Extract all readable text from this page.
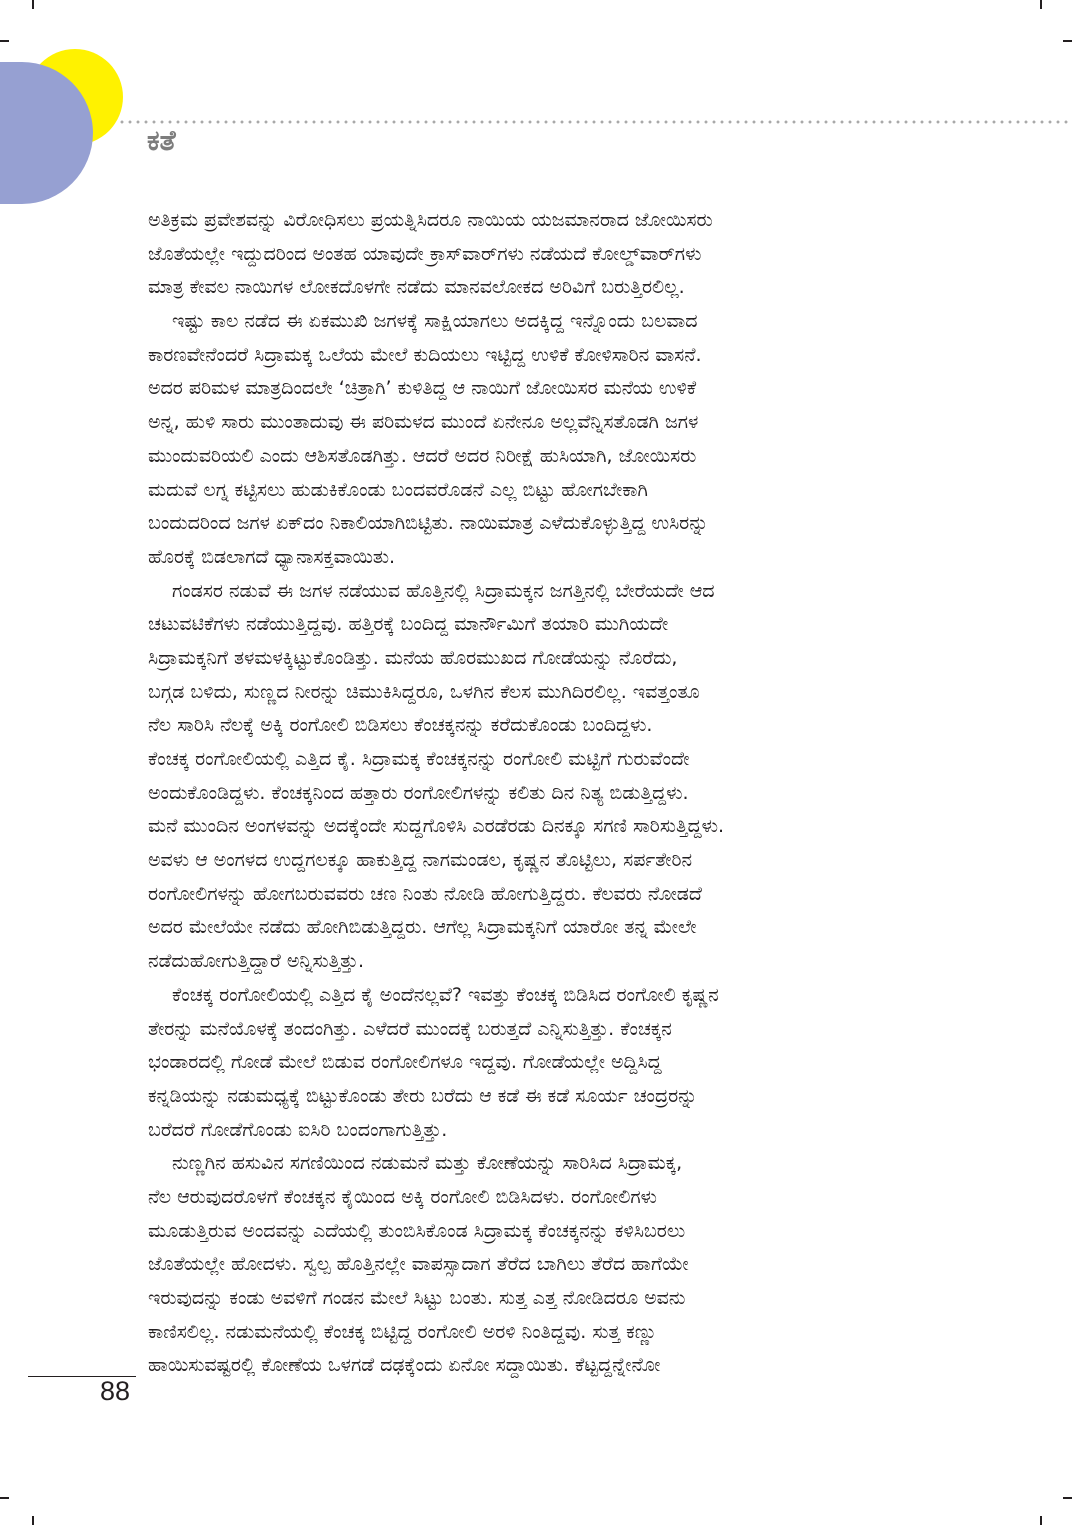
ಕತೆ
ಅತಿಕ್ರಮ ಪ್ರವೇಶವನ್ನು ವಿರೋಧಿಸಲು ಪ್ರಯತ್ನಿಸಿದರೂ ನಾಯಿಯ ಯಜಮಾನರಾದ ಜೋಯಿಸರು
ಜೊತೆಯಲ್ಲೇ ಇದ್ದುದರಿಂದ ಅಂತಹ ಯಾವುದೇ ಕ್ರಾಸ್‌ವಾರ್‌ಗಳು ನಡೆಯದೆ ಕೋಲ್ಡ್‌ವಾರ್‌ಗಳು
ಮಾತ್ರ ಕೇವಲ ನಾಯಿಗಳ ಲೋಕದೊಳಗೇ ನಡೆದು ಮಾನವಲೋಕದ ಅರಿವಿಗೆ ಬರುತ್ತಿರಲಿಲ್ಲ.
ಇಷ್ಟು ಕಾಲ ನಡೆದ ಈ ಏಕಮುಖಿ ಜಗಳಕ್ಕೆ ಸಾಕ್ಷಿಯಾಗಲು ಅದಕ್ಕಿದ್ದ ಇನ್ನೊಂದು ಬಲವಾದ
ಕಾರಣವೇನೆಂದರೆ ಸಿದ್ರಾಮಕ್ಕ ಒಲೆಯ ಮೇಲೆ ಕುದಿಯಲು ಇಟ್ಟಿದ್ದ ಉಳಿಕೆ ಕೋಳಿಸಾರಿನ ವಾಸನೆ.
ಅದರ ಪರಿಮಳ ಮಾತ್ರದಿಂದಲೇ ‘ಚಿತ್ರಾಗಿ’ ಕುಳಿತಿದ್ದ ಆ ನಾಯಿಗೆ ಜೋಯಿಸರ ಮನೆಯ ಉಳಿಕೆ
ಅನ್ನ, ಹುಳಿ ಸಾರು ಮುಂತಾದುವು ಈ ಪರಿಮಳದ ಮುಂದೆ ಏನೇನೂ ಅಲ್ಲವೆನ್ನಿಸತೊಡಗಿ ಜಗಳ
ಮುಂದುವರಿಯಲಿ ಎಂದು ಆಶಿಸತೊಡಗಿತ್ತು. ಆದರೆ ಅದರ ನಿರೀಕ್ಷೆ ಹುಸಿಯಾಗಿ, ಜೋಯಿಸರು
ಮದುವೆ ಲಗ್ನ ಕಟ್ಟಿಸಲು ಹುಡುಕಿಕೊಂಡು ಬಂದವರೊಡನೆ ಎಲ್ಲ ಬಿಟ್ಟು ಹೋಗಬೇಕಾಗಿ
ಬಂದುದರಿಂದ ಜಗಳ ಏಕ್‌ದಂ ನಿಕಾಲಿಯಾಗಿಬಿಟ್ಟಿತು. ನಾಯಿಮಾತ್ರ ಎಳೆದುಕೊಳ್ಳುತ್ತಿದ್ದ ಉಸಿರನ್ನು
ಹೊರಕ್ಕೆ ಬಿಡಲಾಗದೆ ಧ್ಯಾನಾಸಕ್ತವಾಯಿತು.
ಗಂಡಸರ ನಡುವೆ ಈ ಜಗಳ ನಡೆಯುವ ಹೊತ್ತಿನಲ್ಲಿ ಸಿದ್ರಾಮಕ್ಕನ ಜಗತ್ತಿನಲ್ಲಿ ಬೇರೆಯದೇ ಆದ
ಚಟುವಟಿಕೆಗಳು ನಡೆಯುತ್ತಿದ್ದವು. ಹತ್ತಿರಕ್ಕೆ ಬಂದಿದ್ದ ಮಾರ್ನೌಮಿಗೆ ತಯಾರಿ ಮುಗಿಯದೇ
ಸಿದ್ರಾಮಕ್ಕನಿಗೆ ತಳಮಳಕ್ಕಿಟ್ಟುಕೊಂಡಿತ್ತು. ಮನೆಯ ಹೊರಮುಖದ ಗೋಡೆಯನ್ನು ನೊರೆದು,
ಬಗ್ಗಡ ಬಳಿದು, ಸುಣ್ಣದ ನೀರನ್ನು ಚಿಮುಕಿಸಿದ್ದರೂ, ಒಳಗಿನ ಕೆಲಸ ಮುಗಿದಿರಲಿಲ್ಲ. ಇವತ್ತಂತೂ
ನೆಲ ಸಾರಿಸಿ ನೆಲಕ್ಕೆ ಅಕ್ಕಿ ರಂಗೋಲಿ ಬಿಡಿಸಲು ಕೆಂಚಕ್ಕನನ್ನು ಕರೆದುಕೊಂಡು ಬಂದಿದ್ದಳು.
ಕೆಂಚಕ್ಕ ರಂಗೋಲಿಯಲ್ಲಿ ಎತ್ತಿದ ಕೈ. ಸಿದ್ರಾಮಕ್ಕ ಕೆಂಚಕ್ಕನನ್ನು ರಂಗೋಲಿ ಮಟ್ಟಿಗೆ ಗುರುವೆಂದೇ
ಅಂದುಕೊಂಡಿದ್ದಳು. ಕೆಂಚಕ್ಕನಿಂದ ಹತ್ತಾರು ರಂಗೋಲಿಗಳನ್ನು ಕಲಿತು ದಿನ ನಿತ್ಯ ಬಿಡುತ್ತಿದ್ದಳು.
ಮನೆ ಮುಂದಿನ ಅಂಗಳವನ್ನು ಅದಕ್ಕೆಂದೇ ಸುದ್ದಗೊಳಿಸಿ ಎರಡೆರಡು ದಿನಕ್ಕೂ ಸಗಣಿ ಸಾರಿಸುತ್ತಿದ್ದಳು.
ಅವಳು ಆ ಅಂಗಳದ ಉದ್ದಗಲಕ್ಕೂ ಹಾಕುತ್ತಿದ್ದ ನಾಗಮಂಡಲ, ಕೃಷ್ಣನ ತೊಟ್ಟಿಲು, ಸರ್ಪತೇರಿನ
ರಂಗೋಲಿಗಳನ್ನು ಹೋಗಬರುವವರು ಚಣ ನಿಂತು ನೋಡಿ ಹೋಗುತ್ತಿದ್ದರು. ಕೆಲವರು ನೋಡದೆ
ಅದರ ಮೇಲೆಯೇ ನಡೆದು ಹೋಗಿಬಿಡುತ್ತಿದ್ದರು. ಆಗೆಲ್ಲ ಸಿದ್ರಾಮಕ್ಕನಿಗೆ ಯಾರೋ ತನ್ನ ಮೇಲೇ
ನಡೆದುಹೋಗುತ್ತಿದ್ದಾರೆ ಅನ್ನಿಸುತ್ತಿತ್ತು.
ಕೆಂಚಕ್ಕ ರಂಗೋಲಿಯಲ್ಲಿ ಎತ್ತಿದ ಕೈ ಅಂದೆನಲ್ಲವೆ? ಇವತ್ತು ಕೆಂಚಕ್ಕ ಬಿಡಿಸಿದ ರಂಗೋಲಿ ಕೃಷ್ಣನ
ತೇರನ್ನು ಮನೆಯೊಳಕ್ಕೆ ತಂದಂಗಿತ್ತು. ಎಳೆದರೆ ಮುಂದಕ್ಕೆ ಬರುತ್ತದೆ ಎನ್ನಿಸುತ್ತಿತ್ತು. ಕೆಂಚಕ್ಕನ
ಭಂಡಾರದಲ್ಲಿ ಗೋಡೆ ಮೇಲೆ ಬಿಡುವ ರಂಗೋಲಿಗಳೂ ಇದ್ದವು. ಗೋಡೆಯಲ್ಲೇ ಅದ್ದಿಸಿದ್ದ
ಕನ್ನಡಿಯನ್ನು ನಡುಮಧ್ಯಕ್ಕೆ ಬಿಟ್ಟುಕೊಂಡು ತೇರು ಬರೆದು ಆ ಕಡೆ ಈ ಕಡೆ ಸೂರ್ಯ ಚಂದ್ರರನ್ನು
ಬರೆದರೆ ಗೋಡೆಗೊಂಡು ಐಸಿರಿ ಬಂದಂಗಾಗುತ್ತಿತ್ತು.
ನುಣ್ಣಗಿನ ಹಸುವಿನ ಸಗಣಿಯಿಂದ ನಡುಮನೆ ಮತ್ತು ಕೋಣೆಯನ್ನು ಸಾರಿಸಿದ ಸಿದ್ರಾಮಕ್ಕ,
ನೆಲ ಆರುವುದರೊಳಗೆ ಕೆಂಚಕ್ಕನ ಕೈಯಿಂದ ಅಕ್ಕಿ ರಂಗೋಲಿ ಬಿಡಿಸಿದಳು. ರಂಗೋಲಿಗಳು
ಮೂಡುತ್ತಿರುವ ಅಂದವನ್ನು ಎದೆಯಲ್ಲಿ ತುಂಬಿಸಿಕೊಂಡ ಸಿದ್ರಾಮಕ್ಕ ಕೆಂಚಕ್ಕನನ್ನು ಕಳಿಸಿಬರಲು
ಜೊತೆಯಲ್ಲೇ ಹೋದಳು. ಸ್ವಲ್ಪ ಹೊತ್ತಿನಲ್ಲೇ ವಾಪಸ್ಸಾದಾಗ ತೆರೆದ ಬಾಗಿಲು ತೆರೆದ ಹಾಗೆಯೇ
ಇರುವುದನ್ನು ಕಂಡು ಅವಳಿಗೆ ಗಂಡನ ಮೇಲೆ ಸಿಟ್ಟು ಬಂತು. ಸುತ್ತ ಎತ್ತ ನೋಡಿದರೂ ಅವನು
ಕಾಣಿಸಲಿಲ್ಲ. ನಡುಮನೆಯಲ್ಲಿ ಕೆಂಚಕ್ಕ ಬಿಟ್ಟಿದ್ದ ರಂಗೋಲಿ ಅರಳಿ ನಿಂತಿದ್ದವು. ಸುತ್ತ ಕಣ್ಣು
ಹಾಯಿಸುವಷ್ಟರಲ್ಲಿ ಕೋಣೆಯ ಒಳಗಡೆ ದಢಕ್ಕೆಂದು ಏನೋ ಸದ್ದಾಯಿತು. ಕೆಟ್ಟದ್ದನ್ನೇನೋ
88
